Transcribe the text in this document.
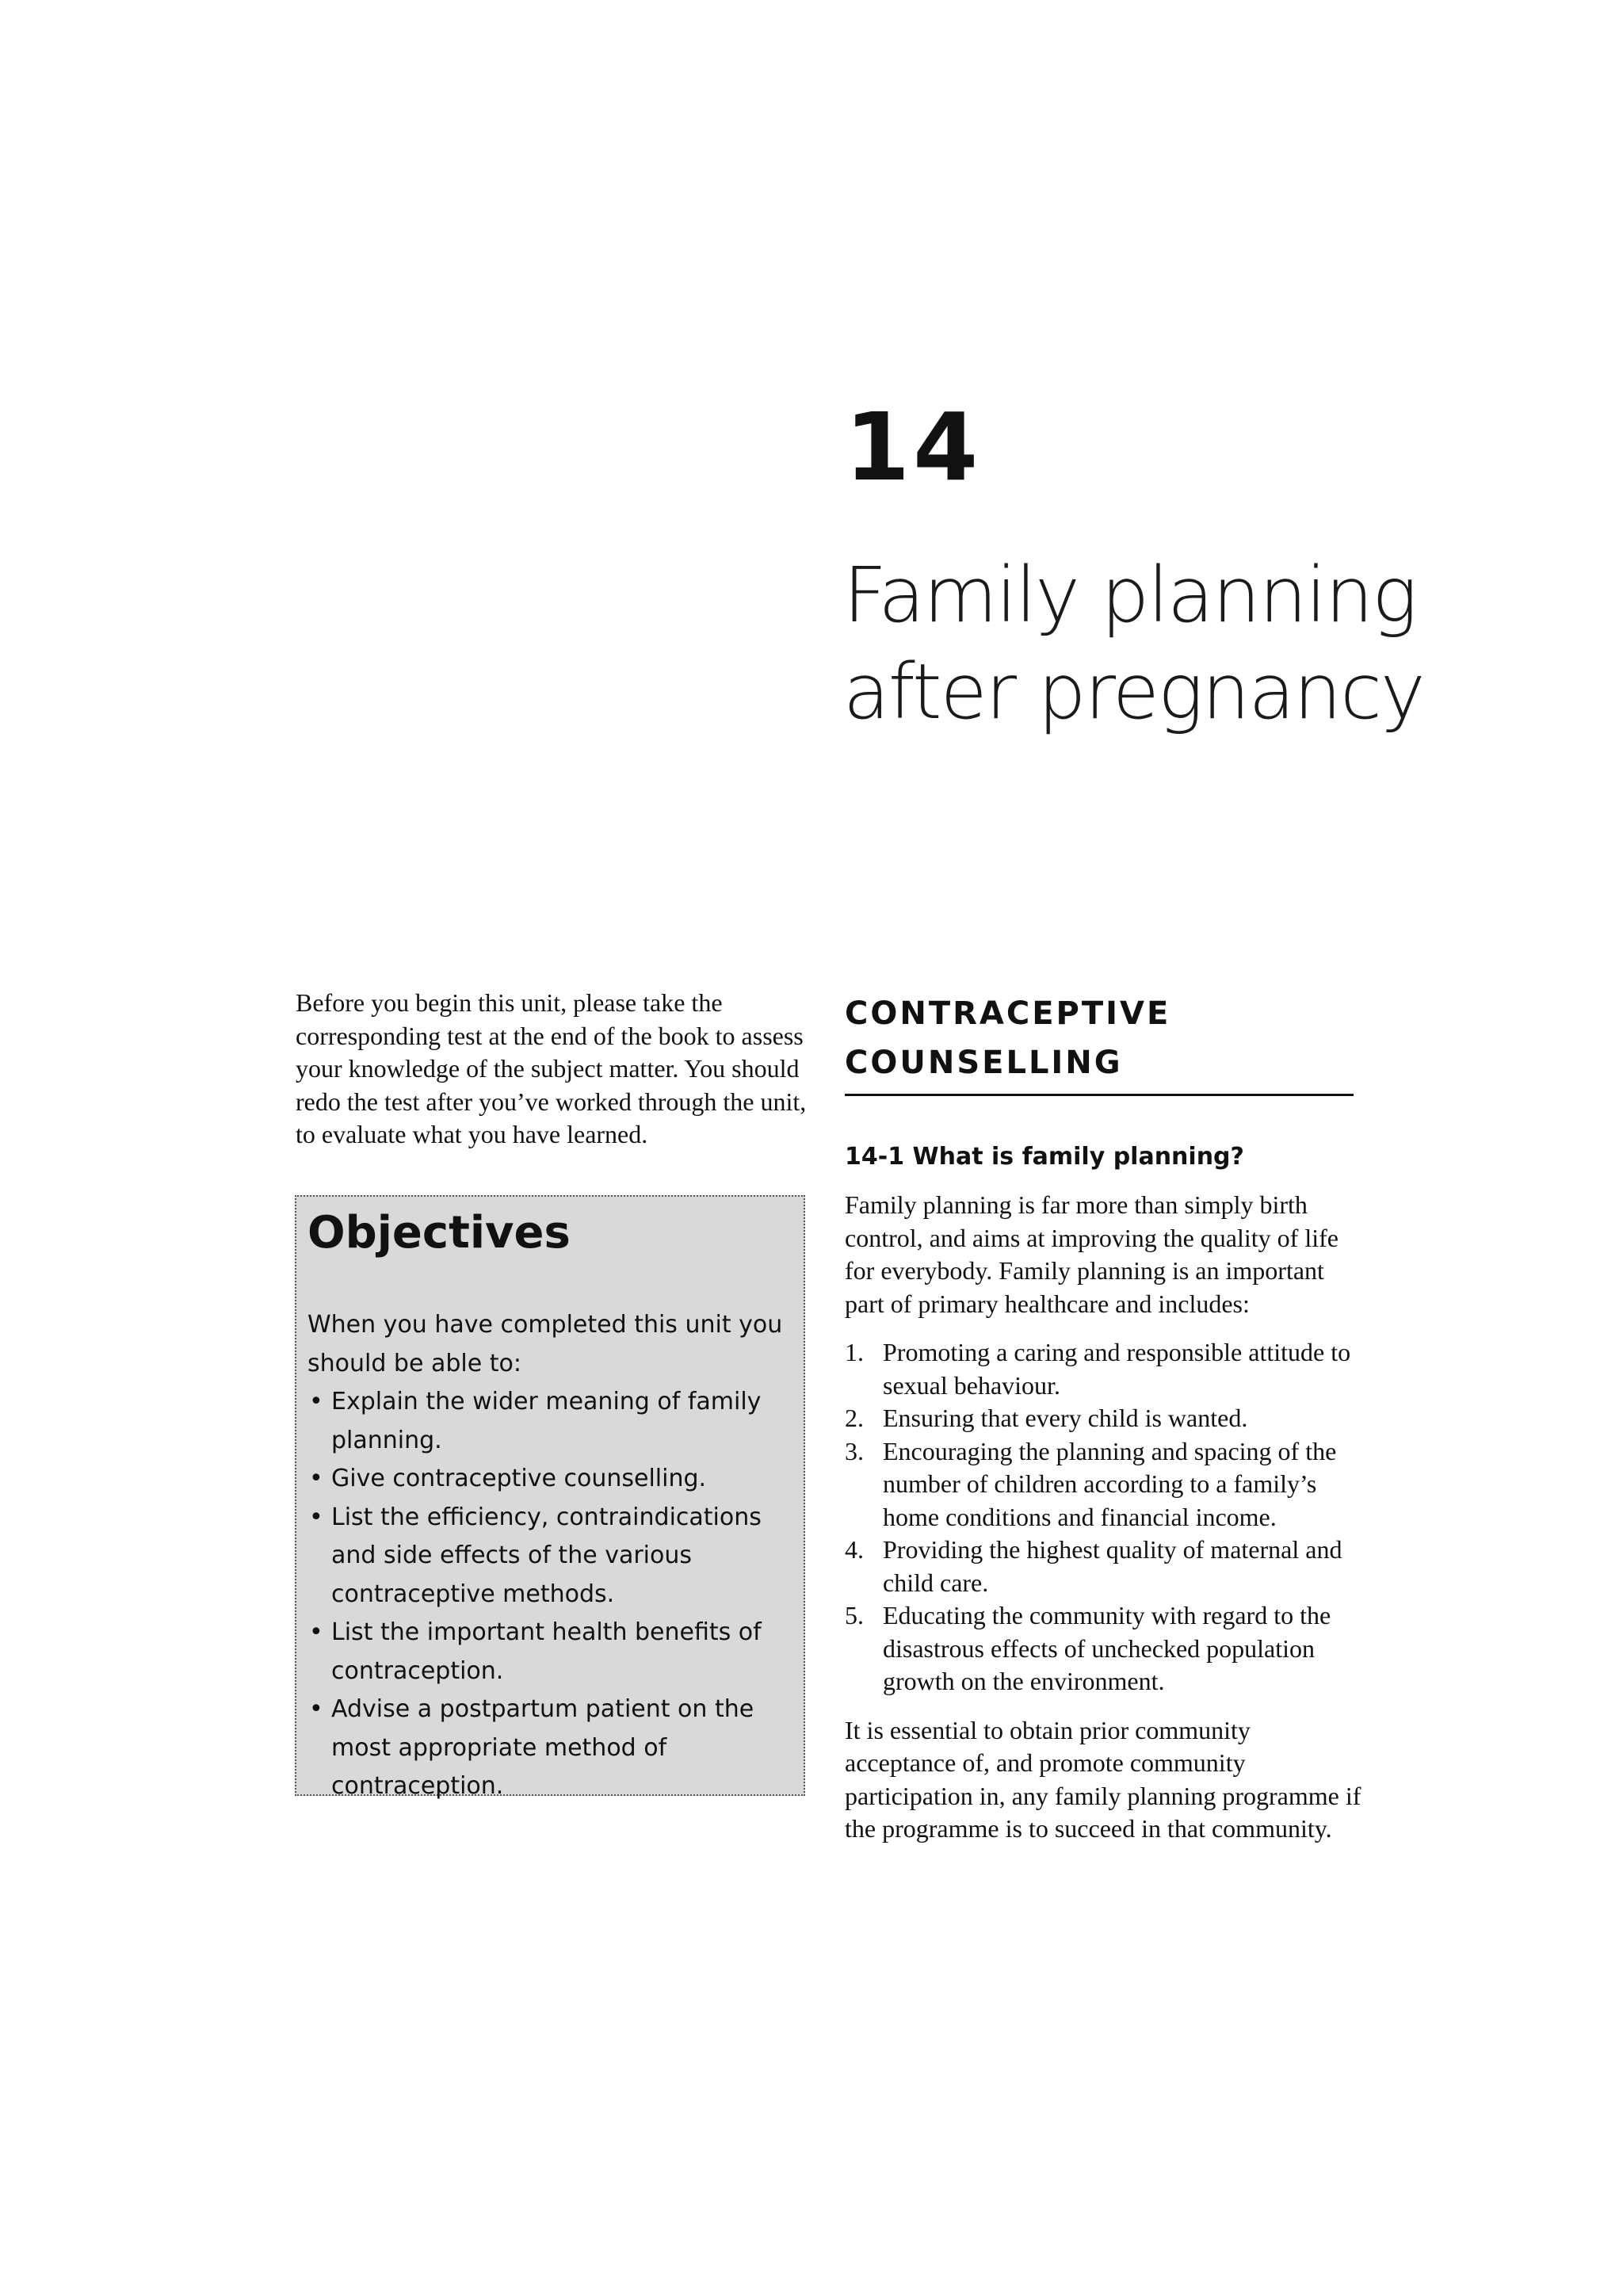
14
Family planning
after pregnancy

Before you begin this unit, please take the corresponding test at the end of the book to assess your knowledge of the subject matter. You should redo the test after you’ve worked through the unit, to evaluate what you have learned.

Objectives

When you have completed this unit you should be able to:

• Explain the wider meaning of family planning.
• Give contraceptive counselling.
• List the efficiency, contraindications and side effects of the various contraceptive methods.
• List the important health benefits of contraception.
• Advise a postpartum patient on the most appropriate method of contraception.
CONTRACEPTIVE
COUNSELLING
14-1 What is family planning?

Family planning is far more than simply birth control, and aims at improving the quality of life for everybody. Family planning is an important part of primary healthcare and includes:

1. Promoting a caring and responsible attitude to sexual behaviour.
2. Ensuring that every child is wanted.
3. Encouraging the planning and spacing of the number of children according to a family’s home conditions and financial income.
4. Providing the highest quality of maternal and child care.
5. Educating the community with regard to the disastrous effects of unchecked population growth on the environment.

It is essential to obtain prior community acceptance of, and promote community participation in, any family planning programme if the programme is to succeed in that community.
